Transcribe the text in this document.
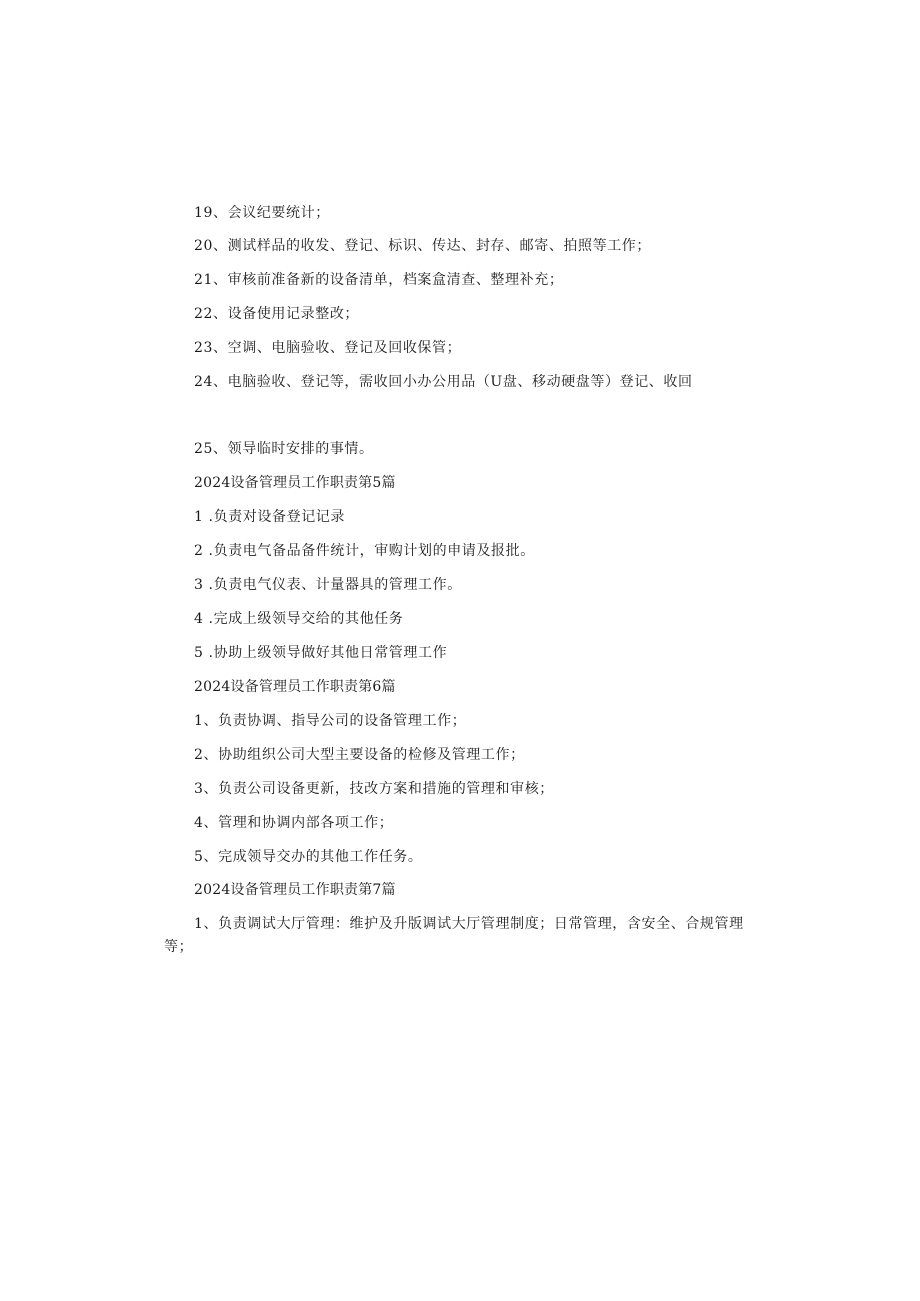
19、会议纪要统计；
20、测试样品的收发、登记、标识、传达、封存、邮寄、拍照等工作；
21、审核前准备新的设备清单，档案盒清查、整理补充；
22、设备使用记录整改；
23、空调、电脑验收、登记及回收保管；
24、电脑验收、登记等，需收回小办公用品（U盘、移动硬盘等）登记、收回
25、领导临时安排的事情。
2024设备管理员工作职责第5篇
1 .负责对设备登记记录
2 .负责电气备品备件统计，审购计划的申请及报批。
3 .负责电气仪表、计量器具的管理工作。
4 .完成上级领导交给的其他任务
5 .协助上级领导做好其他日常管理工作
2024设备管理员工作职责第6篇
1、负责协调、指导公司的设备管理工作；
2、协助组织公司大型主要设备的检修及管理工作；
3、负责公司设备更新，技改方案和措施的管理和审核；
4、管理和协调内部各项工作；
5、完成领导交办的其他工作任务。
2024设备管理员工作职责第7篇
1、负责调试大厅管理：维护及升版调试大厅管理制度；日常管理，含安全、合规管理等；
